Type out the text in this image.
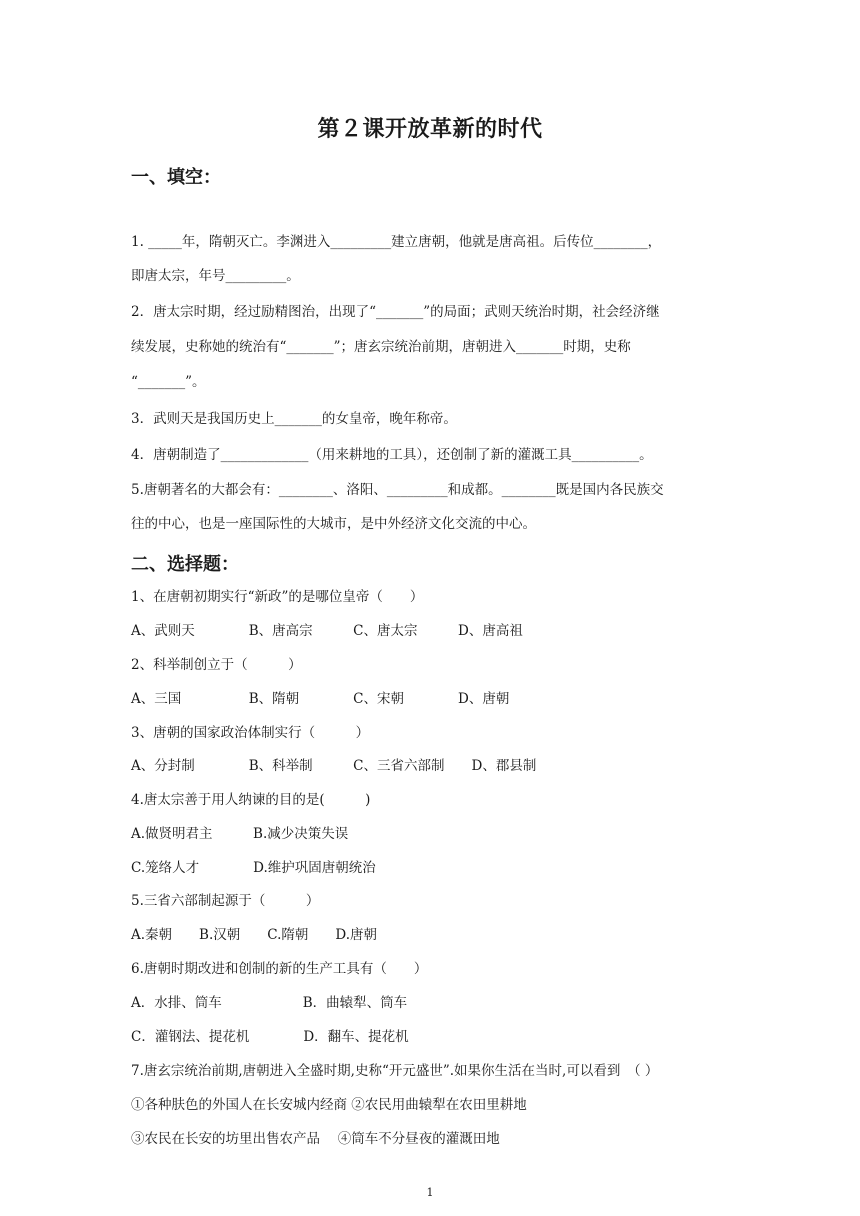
第２课开放革新的时代
一、填空：
1. _____年，隋朝灭亡。李渊进入_________建立唐朝，他就是唐高祖。后传位________，
即唐太宗，年号_________。
2．唐太宗时期，经过励精图治，出现了“_______”的局面；武则天统治时期，社会经济继
续发展，史称她的统治有“_______”；唐玄宗统治前期，唐朝进入_______时期，史称
“_______”。
3．武则天是我国历史上_______的女皇帝，晚年称帝。
4．唐朝制造了_____________（用来耕地的工具），还创制了新的灌溉工具__________。
5.唐朝著名的大都会有：________、洛阳、_________和成都。________既是国内各民族交
往的中心，也是一座国际性的大城市，是中外经济文化交流的中心。
二、选择题：
1、在唐朝初期实行“新政”的是哪位皇帝（　　）
A、武则天　　　　B、唐高宗　　　C、唐太宗　　　D、唐高祖
2、科举制创立于（　　　）
A、三国　　　　　B、隋朝　　　　C、宋朝　　　　D、唐朝
3、唐朝的国家政治体制实行（　　　）
A、分封制　　　　B、科举制　　　C、三省六部制　　D、郡县制
4.唐太宗善于用人纳谏的目的是(　　　)
A.做贤明君主　　　B.减少决策失误
C.笼络人才　　　　D.维护巩固唐朝统治
5.三省六部制起源于（　　　）
A.秦朝　　B.汉朝　　C.隋朝　　D.唐朝
6.唐朝时期改进和创制的新的生产工具有（　　）
A．水排、筒车　　　　　　B．曲辕犁、筒车
C．灌钢法、提花机　　　　D．翻车、提花机
7.唐玄宗统治前期,唐朝进入全盛时期,史称“开元盛世”.如果你生活在当时,可以看到　（ ）
①各种肤色的外国人在长安城内经商 ②农民用曲辕犁在农田里耕地
③农民在长安的坊里出售农产品　 ④筒车不分昼夜的灌溉田地
1
